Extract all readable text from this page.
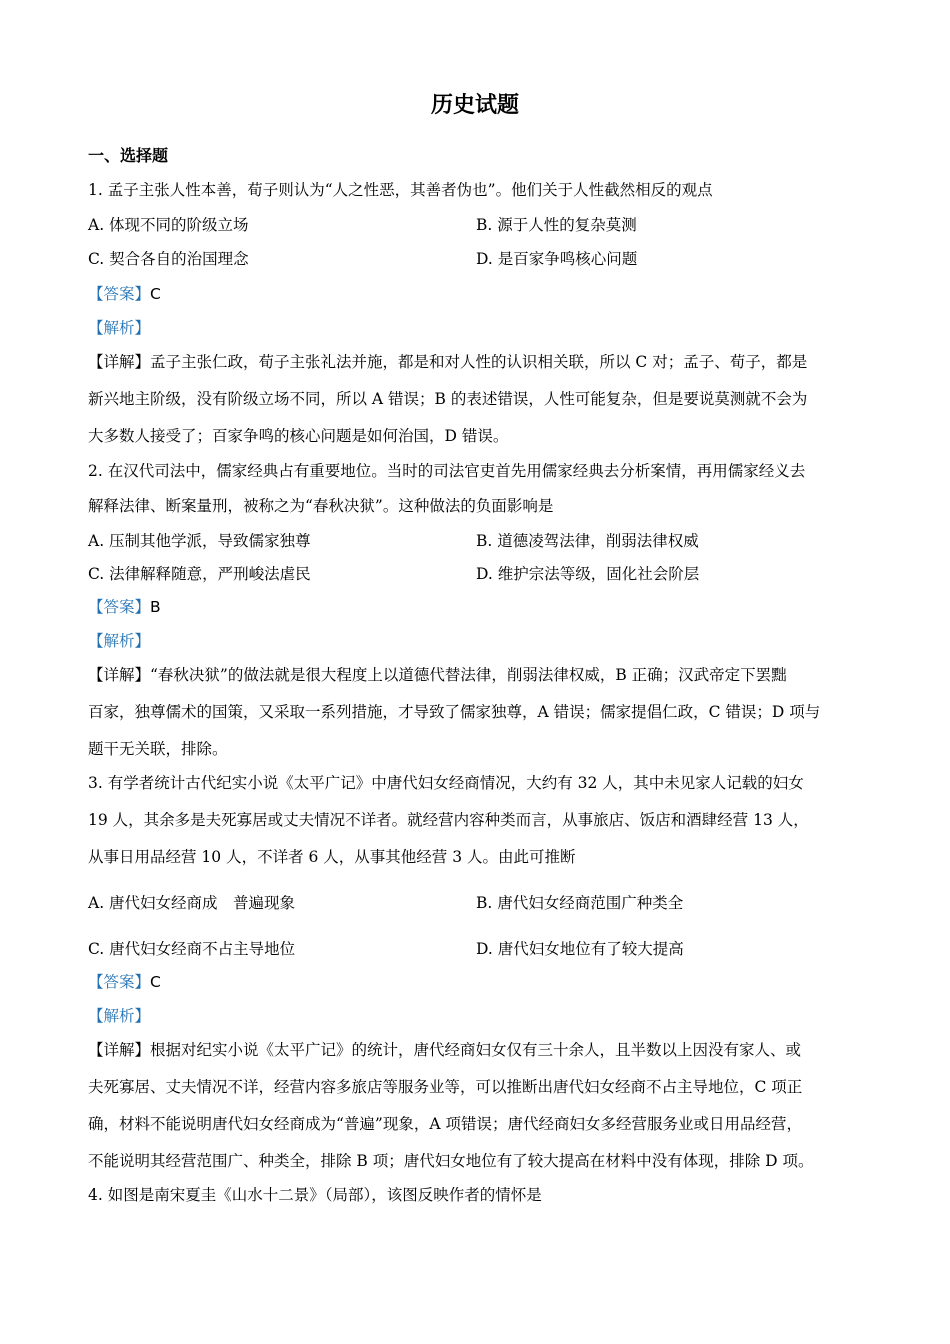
历史试题
一、选择题
1. 孟子主张人性本善，荀子则认为“人之性恶，其善者伪也”。他们关于人性截然相反的观点
A. 体现不同的阶级立场	B. 源于人性的复杂莫测
C. 契合各自的治国理念	D. 是百家争鸣核心问题
【答案】C
【解析】
【详解】孟子主张仁政，荀子主张礼法并施，都是和对人性的认识相关联，所以 C 对；孟子、荀子，都是
新兴地主阶级，没有阶级立场不同，所以 A 错误；B 的表述错误，人性可能复杂，但是要说莫测就不会为
大多数人接受了；百家争鸣的核心问题是如何治国，D 错误。
2. 在汉代司法中，儒家经典占有重要地位。当时的司法官吏首先用儒家经典去分析案情，再用儒家经义去
解释法律、断案量刑，被称之为“春秋决狱”。这种做法的负面影响是
A. 压制其他学派，导致儒家独尊	B. 道德凌驾法律，削弱法律权威
C. 法律解释随意，严刑峻法虐民	D. 维护宗法等级，固化社会阶层
【答案】B
【解析】
【详解】“春秋决狱”的做法就是很大程度上以道德代替法律，削弱法律权威，B 正确；汉武帝定下罢黜
百家，独尊儒术的国策，又采取一系列措施，才导致了儒家独尊，A 错误；儒家提倡仁政，C 错误；D 项与
题干无关联，排除。
3. 有学者统计古代纪实小说《太平广记》中唐代妇女经商情况，大约有 32 人，其中未见家人记载的妇女
19 人，其余多是夫死寡居或丈夫情况不详者。就经营内容种类而言，从事旅店、饭店和酒肆经营 13 人，
从事日用品经营 10 人，不详者 6 人，从事其他经营 3 人。由此可推断
A. 唐代妇女经商成　普遍现象	B. 唐代妇女经商范围广种类全
C. 唐代妇女经商不占主导地位	D. 唐代妇女地位有了较大提高
【答案】C
【解析】
【详解】根据对纪实小说《太平广记》的统计，唐代经商妇女仅有三十余人，且半数以上因没有家人、或
夫死寡居、丈夫情况不详，经营内容多旅店等服务业等，可以推断出唐代妇女经商不占主导地位，C 项正
确，材料不能说明唐代妇女经商成为“普遍”现象，A 项错误；唐代经商妇女多经营服务业或日用品经营，
不能说明其经营范围广、种类全，排除 B 项；唐代妇女地位有了较大提高在材料中没有体现，排除 D 项。
4. 如图是南宋夏圭《山水十二景》（局部），该图反映作者的情怀是
